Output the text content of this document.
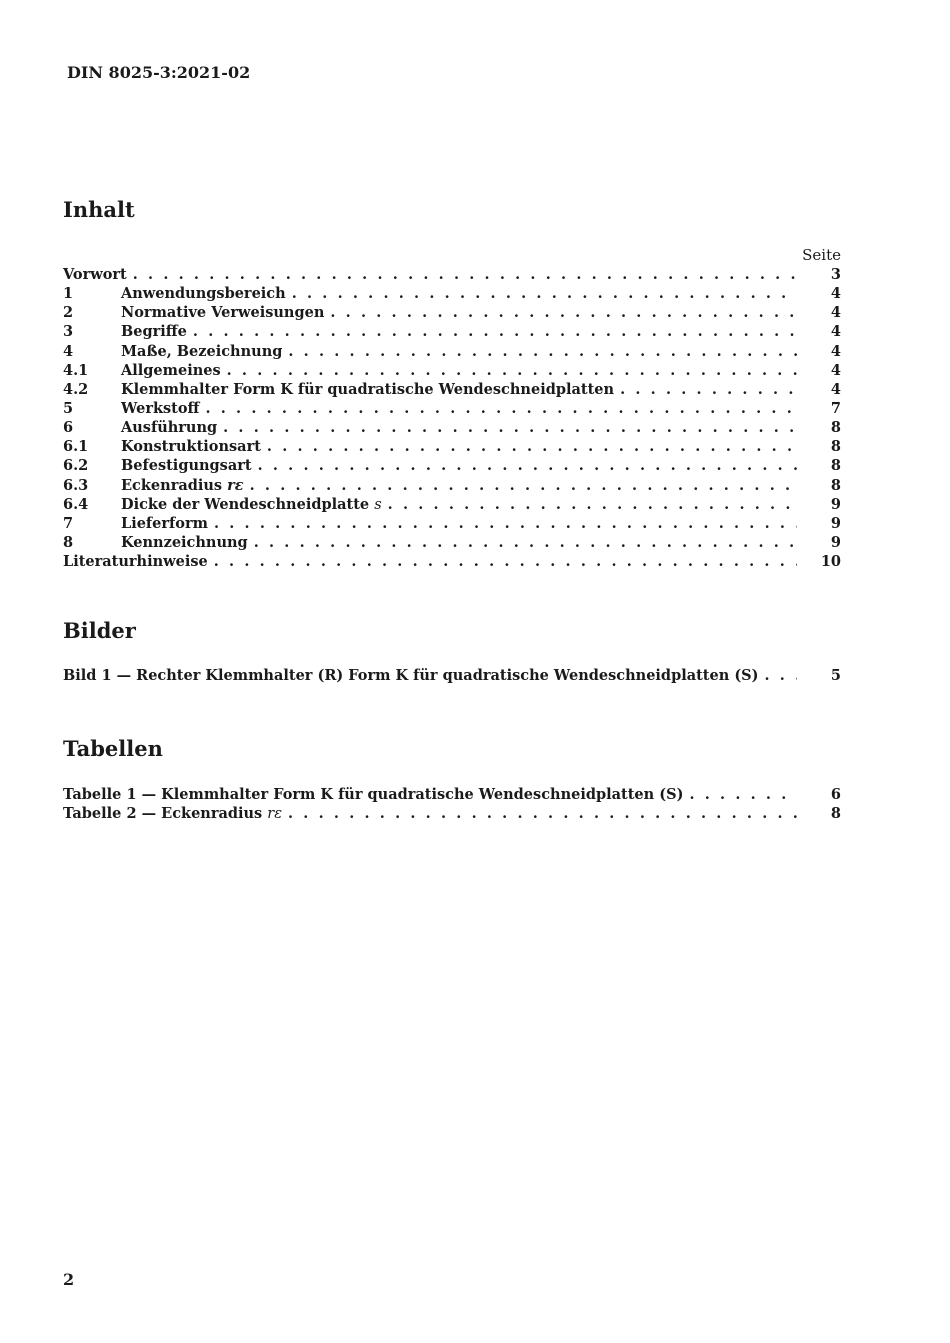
DIN 8025-3:2021-02
Inhalt
Seite
Vorwort . . .	3
1	Anwendungsbereich . . .	4
2	Normative Verweisungen . . .	4
3	Begriffe . . .	4
4	Maße, Bezeichnung . . .	4
4.1	Allgemeines . . .	4
4.2	Klemmhalter Form K für quadratische Wendeschneidplatten . . .	4
5	Werkstoff . . .	7
6	Ausführung . . .	8
6.1	Konstruktionsart . . .	8
6.2	Befestigungsart . . .	8
6.3	Eckenradius rε . . .	8
6.4	Dicke der Wendeschneidplatte s . . .	9
7	Lieferform . . .	9
8	Kennzeichnung . . .	9
Literaturhinweise . . .	10
Bilder
Bild 1 — Rechter Klemmhalter (R) Form K für quadratische Wendeschneidplatten (S) . . .	5
Tabellen
Tabelle 1 — Klemmhalter Form K für quadratische Wendeschneidplatten (S) . . .	6
Tabelle 2 — Eckenradius rε . . .	8
2
